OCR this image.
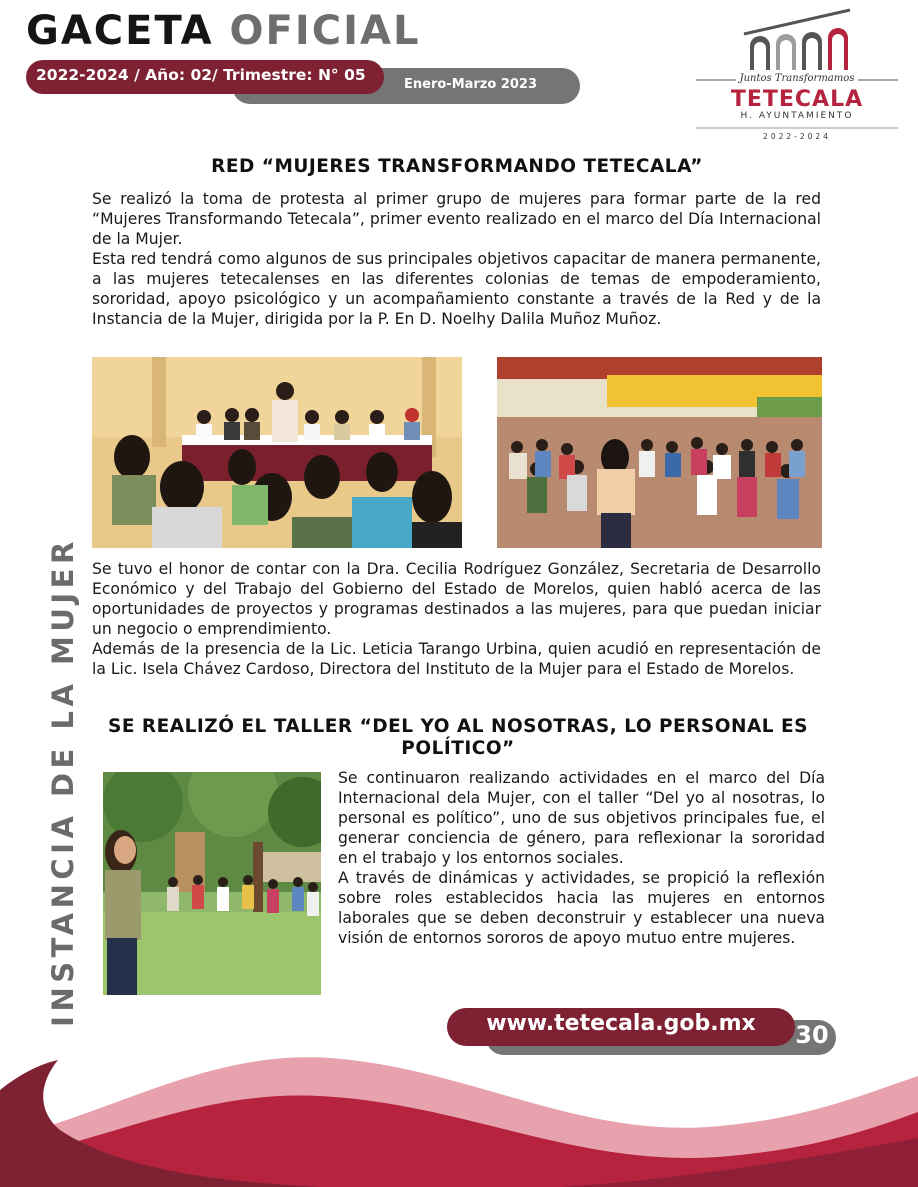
GACETA OFICIAL
Enero-Marzo 2023
2022-2024 / Año: 02/ Trimestre: N° 05	Juntos Transformamos
TETECALA
H. AYUNTAMIENTO
2022-2024
INSTANCIA DE LA MUJER
RED “MUJERES TRANSFORMANDO TETECALA”

Se realizó la toma de protesta al primer grupo de mujeres para formar parte de la red “Mujeres Transformando Tetecala”, primer evento realizado en el marco del Día Internacional de la Mujer.

Esta red tendrá como algunos de sus principales objetivos capacitar de manera permanente, a las mujeres tetecalenses en las diferentes colonias de temas de empoderamiento, sororidad, apoyo psicológico y un acompañamiento constante a través de la Red y de la Instancia de la Mujer, dirigida por la P. En D. Noelhy Dalila Muñoz Muñoz.

Se tuvo el honor de contar con la Dra. Cecilia Rodríguez González, Secretaria de Desarrollo Económico y del Trabajo del Gobierno del Estado de Morelos, quien habló acerca de las oportunidades de proyectos y programas destinados a las mujeres, para que puedan iniciar un negocio o emprendimiento.

Además de la presencia de la Lic. Leticia Tarango Urbina, quien acudió en representación de la Lic. Isela Chávez Cardoso, Directora del Instituto de la Mujer para el Estado de Morelos.

SE REALIZÓ EL TALLER “DEL YO AL NOSOTRAS, LO PERSONAL ES POLÍTICO”

Se continuaron realizando actividades en el marco del Día Internacional dela Mujer, con el taller “Del yo al nosotras, lo personal es político”, uno de sus objetivos principales fue, el generar conciencia de género, para reflexionar la sororidad en el trabajo y los entornos sociales.

A través de dinámicas y actividades, se propició la reflexión sobre roles establecidos hacia las mujeres en entornos laborales que se deben deconstruir y establecer una nueva visión de entornos sororos de apoyo mutuo entre mujeres.

30
www.tetecala.gob.mx
